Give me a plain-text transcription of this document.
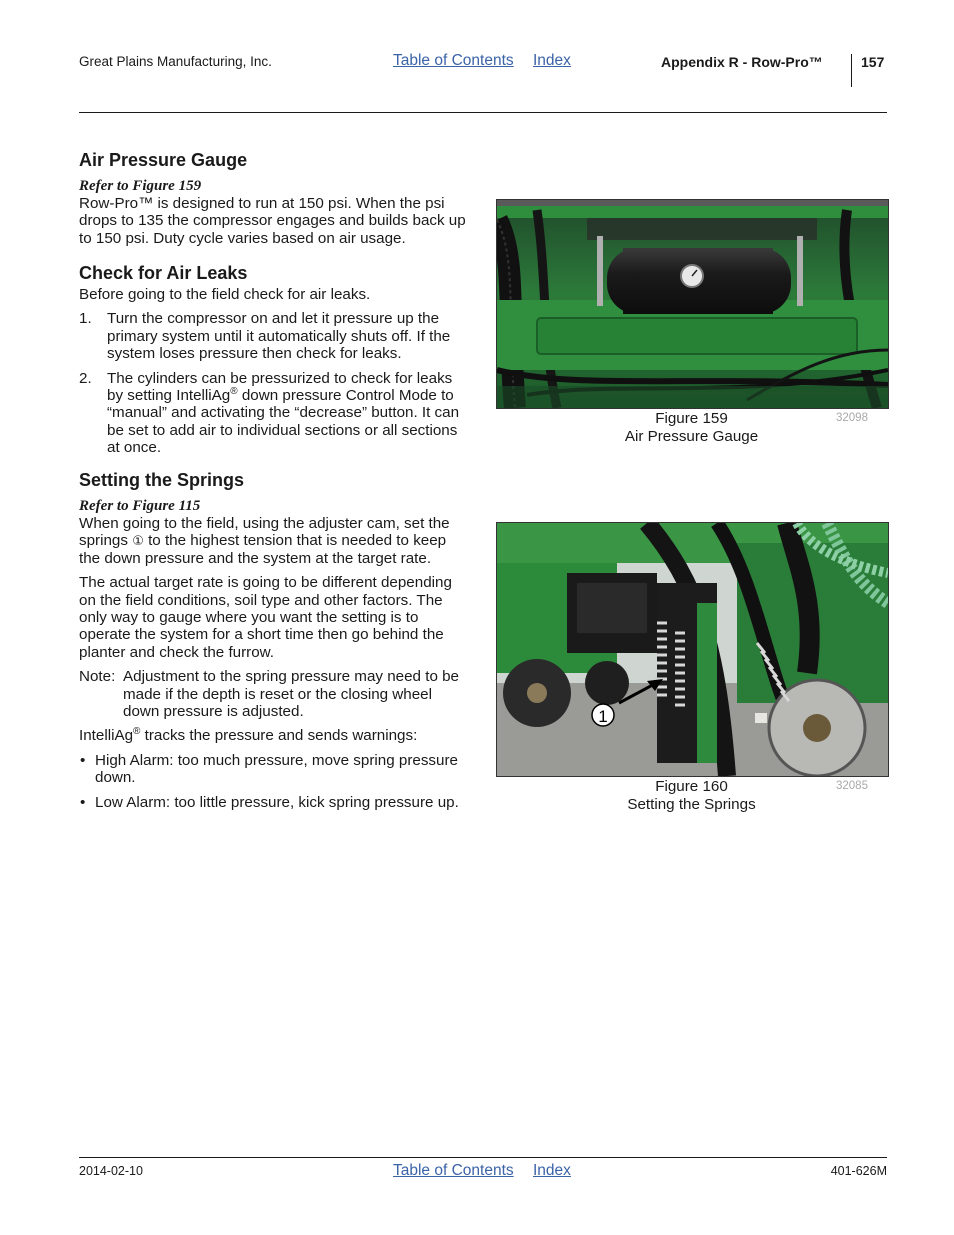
Great Plains Manufacturing, Inc.	Table of Contents Index	Appendix R - Row-Pro™	157
Air Pressure Gauge

Refer to Figure 159

Row-Pro™ is designed to run at 150 psi. When the psi drops to 135 the compressor engages and builds back up to 150 psi. Duty cycle varies based on air usage.

Check for Air Leaks

Before going to the field check for air leaks.

1. Turn the compressor on and let it pressure up the primary system until it automatically shuts off. If the system loses pressure then check for leaks.
2. The cylinders can be pressurized to check for leaks by setting IntelliAg® down pressure Control Mode to “manual” and activating the “decrease” button. It can be set to add air to individual sections or all sections at once.
Setting the Springs

Refer to Figure 115

When going to the field, using the adjuster cam, set the springs ① to the highest tension that is needed to keep the down pressure and the system at the target rate.

The actual target rate is going to be different depending on the field conditions, soil type and other factors. The only way to gauge where you want the setting is to operate the system for a short time then go behind the planter and check the furrow.

Note: Adjustment to the spring pressure may need to be made if the depth is reset or the closing wheel down pressure is adjusted.

IntelliAg® tracks the pressure and sends warnings:

• High Alarm: too much pressure, move spring pressure down.
• Low Alarm: too little pressure, kick spring pressure up.
Figure 159
Air Pressure Gauge
32098
1
Figure 160
Setting the Springs
32085
2014-02-10	Table of Contents Index	401-626M
